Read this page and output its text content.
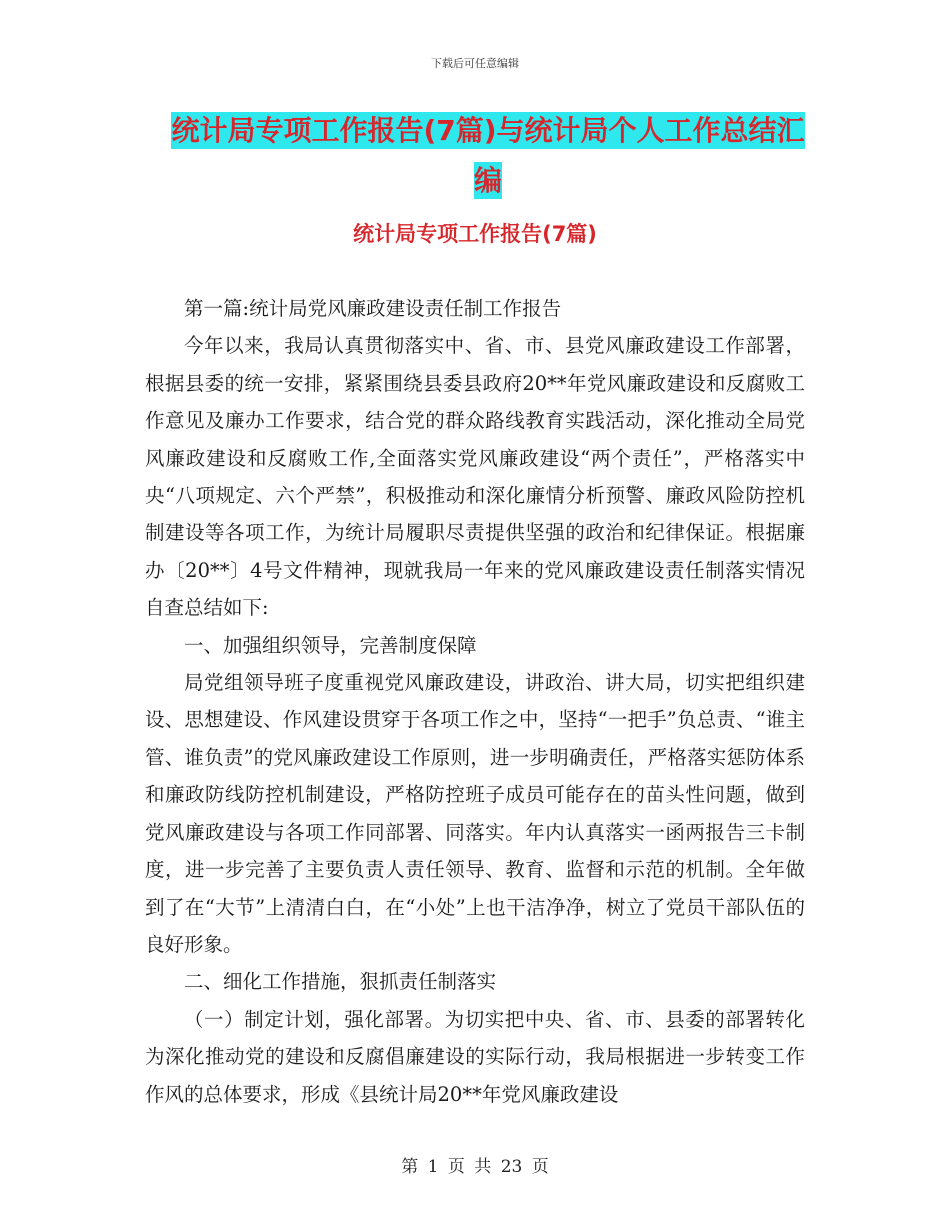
下载后可任意编辑
统计局专项工作报告(7篇)与统计局个人工作总结汇
编
统计局专项工作报告(7篇)

第一篇:统计局党风廉政建设责任制工作报告

今年以来，我局认真贯彻落实中、省、市、县党风廉政建设工作部署，根据县委的统一安排，紧紧围绕县委县政府20**年党风廉政建设和反腐败工作意见及廉办工作要求，结合党的群众路线教育实践活动，深化推动全局党风廉政建设和反腐败工作,全面落实党风廉政建设“两个责任”，严格落实中央“八项规定、六个严禁”，积极推动和深化廉情分析预警、廉政风险防控机制建设等各项工作，为统计局履职尽责提供坚强的政治和纪律保证。根据廉办〔20**〕4号文件精神，现就我局一年来的党风廉政建设责任制落实情况自查总结如下:

一、加强组织领导，完善制度保障

局党组领导班子度重视党风廉政建设，讲政治、讲大局，切实把组织建设、思想建设、作风建设贯穿于各项工作之中，坚持“一把手”负总责、“谁主管、谁负责”的党风廉政建设工作原则，进一步明确责任，严格落实惩防体系和廉政防线防控机制建设，严格防控班子成员可能存在的苗头性问题，做到党风廉政建设与各项工作同部署、同落实。年内认真落实一函两报告三卡制度，进一步完善了主要负责人责任领导、教育、监督和示范的机制。全年做到了在“大节”上清清白白，在“小处”上也干洁净净，树立了党员干部队伍的良好形象。

二、细化工作措施，狠抓责任制落实

（一）制定计划，强化部署。为切实把中央、省、市、县委的部署转化为深化推动党的建设和反腐倡廉建设的实际行动，我局根据进一步转变工作作风的总体要求，形成《县统计局20**年党风廉政建设

第 1 页 共 23 页
